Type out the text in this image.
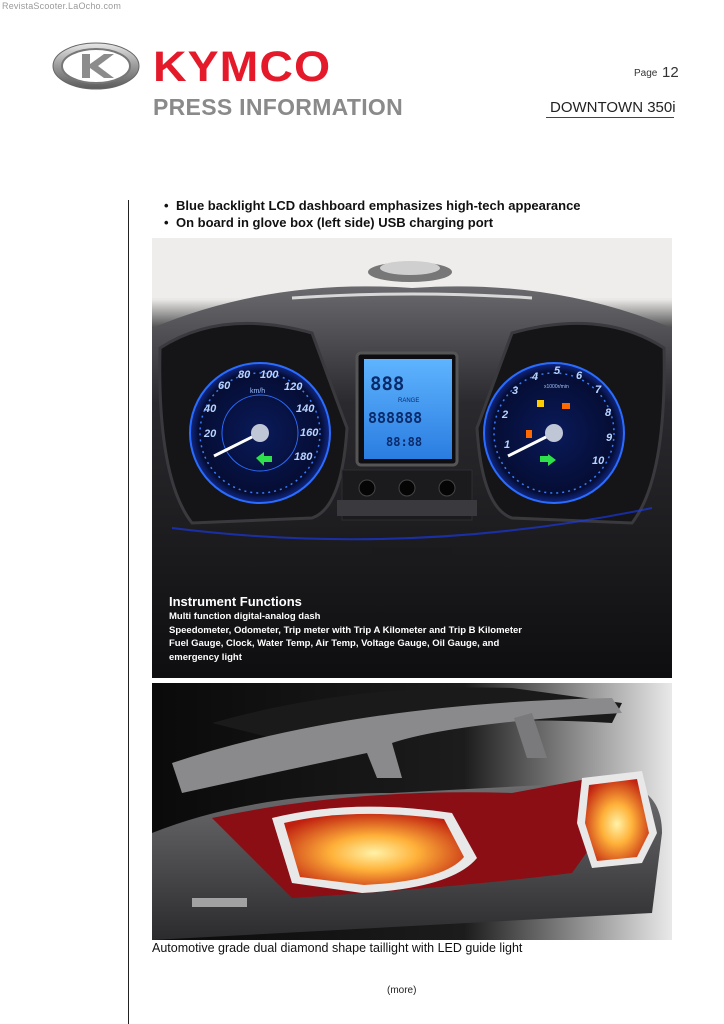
RevistaScooter.LaOcho.com
KYMCO
PRESS INFORMATION
Page 12
DOWNTOWN 350i
• Blue backlight LCD dashboard emphasizes high-tech appearance
• On board in glove box (left side) USB charging port
20
40
60
80 100
120
140
160
180
km/h	888
RANGE
888888
88:88	1
2
3
4 5 6
7
8
9
10
x1000r/min
Instrument Functions
Multi function digital-analog dash
Speedometer, Odometer, Trip meter with Trip A Kilometer and Trip B Kilometer
Fuel Gauge, Clock, Water Temp, Air Temp, Voltage Gauge, Oil Gauge, and
emergency light
Automotive grade dual diamond shape taillight with LED guide light
(more)
